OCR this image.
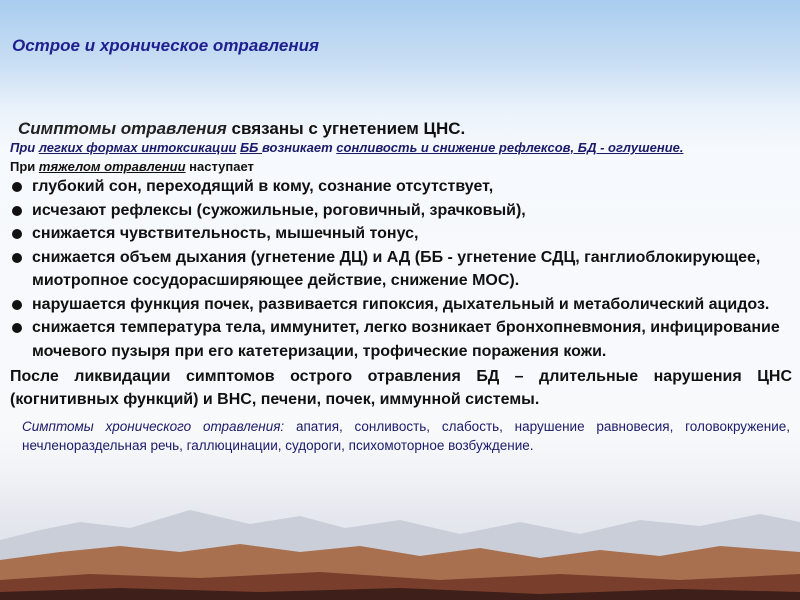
Острое и хроническое отравления
Симптомы отравления связаны с угнетением ЦНС.
При легких формах интоксикации ББ возникает сонливость и снижение рефлексов, БД - оглушение.
При тяжелом отравлении наступает
глубокий сон, переходящий в кому, сознание отсутствует,
исчезают рефлексы (сужожильные, роговичный, зрачковый),
снижается чувствительность, мышечный тонус,
снижается объем дыхания (угнетение ДЦ) и АД (ББ - угнетение СДЦ, ганглиоблокирующее, миотропное сосудорасширяющее действие, снижение МОС).
нарушается функция почек, развивается гипоксия, дыхательный и метаболический ацидоз.
снижается температура тела, иммунитет, легко возникает бронхопневмония, инфицирование мочевого пузыря при его катетеризации, трофические поражения кожи.
После ликвидации симптомов острого отравления БД – длительные нарушения ЦНС (когнитивных функций) и ВНС, печени, почек, иммунной системы.
Симптомы хронического отравления: апатия, сонливость, слабость, нарушение равновесия, головокружение, нечленораздельная речь, галлюцинации, судороги, психомоторное возбуждение.
